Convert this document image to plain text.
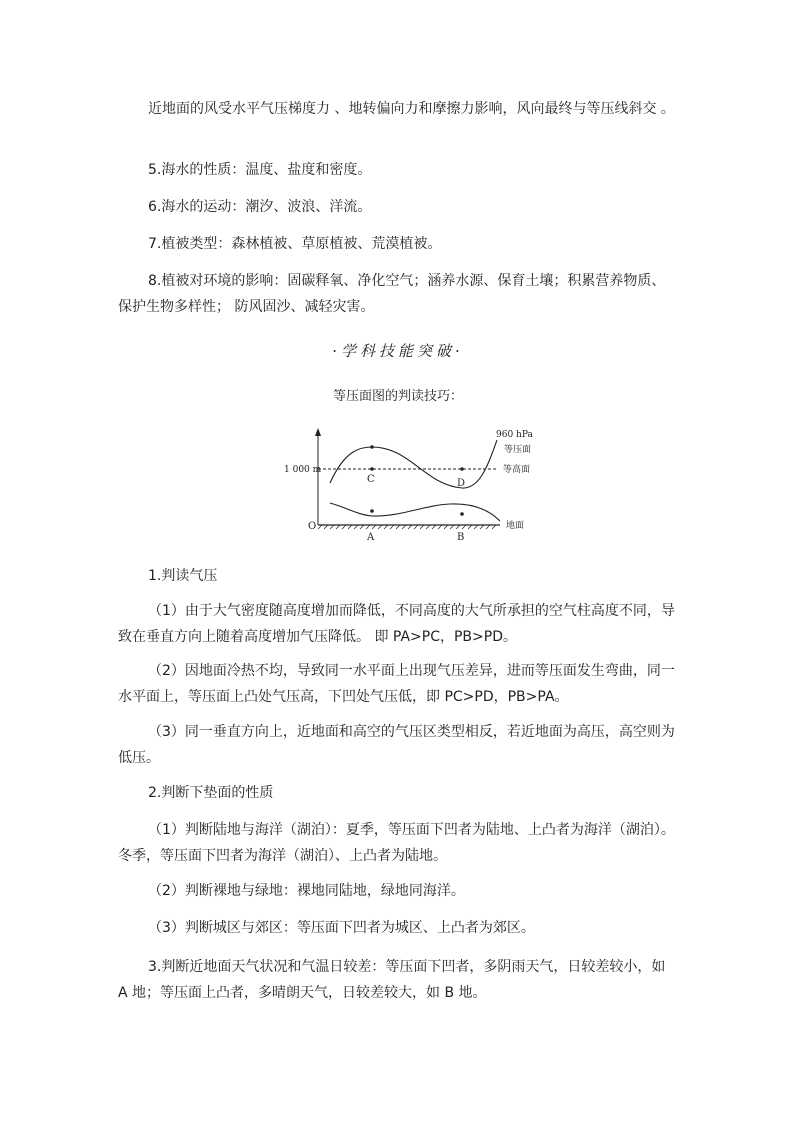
近地面的风受水平气压梯度力 、地转偏向力和摩擦力影响，风向最终与等压线斜交 。

5.海水的性质：温度、盐度和密度。

6.海水的运动：潮汐、波浪、洋流。

7.植被类型：森林植被、草原植被、荒漠植被。

8.植被对环境的影响：固碳释氧、净化空气；涵养水源、保育土壤；积累营养物质、保护生物多样性； 防风固沙、减轻灾害。

·学科技能突破·

等压面图的判读技巧：

960 hPa
等压面
等高面
1 000 m
地面
O
C	D
A	B

1.判读气压

（1）由于大气密度随高度增加而降低，不同高度的大气所承担的空气柱高度不同，导致在垂直方向上随着高度增加气压降低。 即 PA>PC，PB>PD。

（2）因地面冷热不均，导致同一水平面上出现气压差异，进而等压面发生弯曲，同一水平面上，等压面上凸处气压高，下凹处气压低，即 PC>PD，PB>PA。

（3）同一垂直方向上，近地面和高空的气压区类型相反，若近地面为高压，高空则为低压。

2.判断下垫面的性质

（1）判断陆地与海洋（湖泊）：夏季，等压面下凹者为陆地、上凸者为海洋（湖泊）。冬季，等压面下凹者为海洋（湖泊）、上凸者为陆地。

（2）判断裸地与绿地：裸地同陆地，绿地同海洋。

（3）判断城区与郊区：等压面下凹者为城区、上凸者为郊区。

3.判断近地面天气状况和气温日较差：等压面下凹者，多阴雨天气，日较差较小，如 A 地；等压面上凸者，多晴朗天气，日较差较大，如 B 地。
